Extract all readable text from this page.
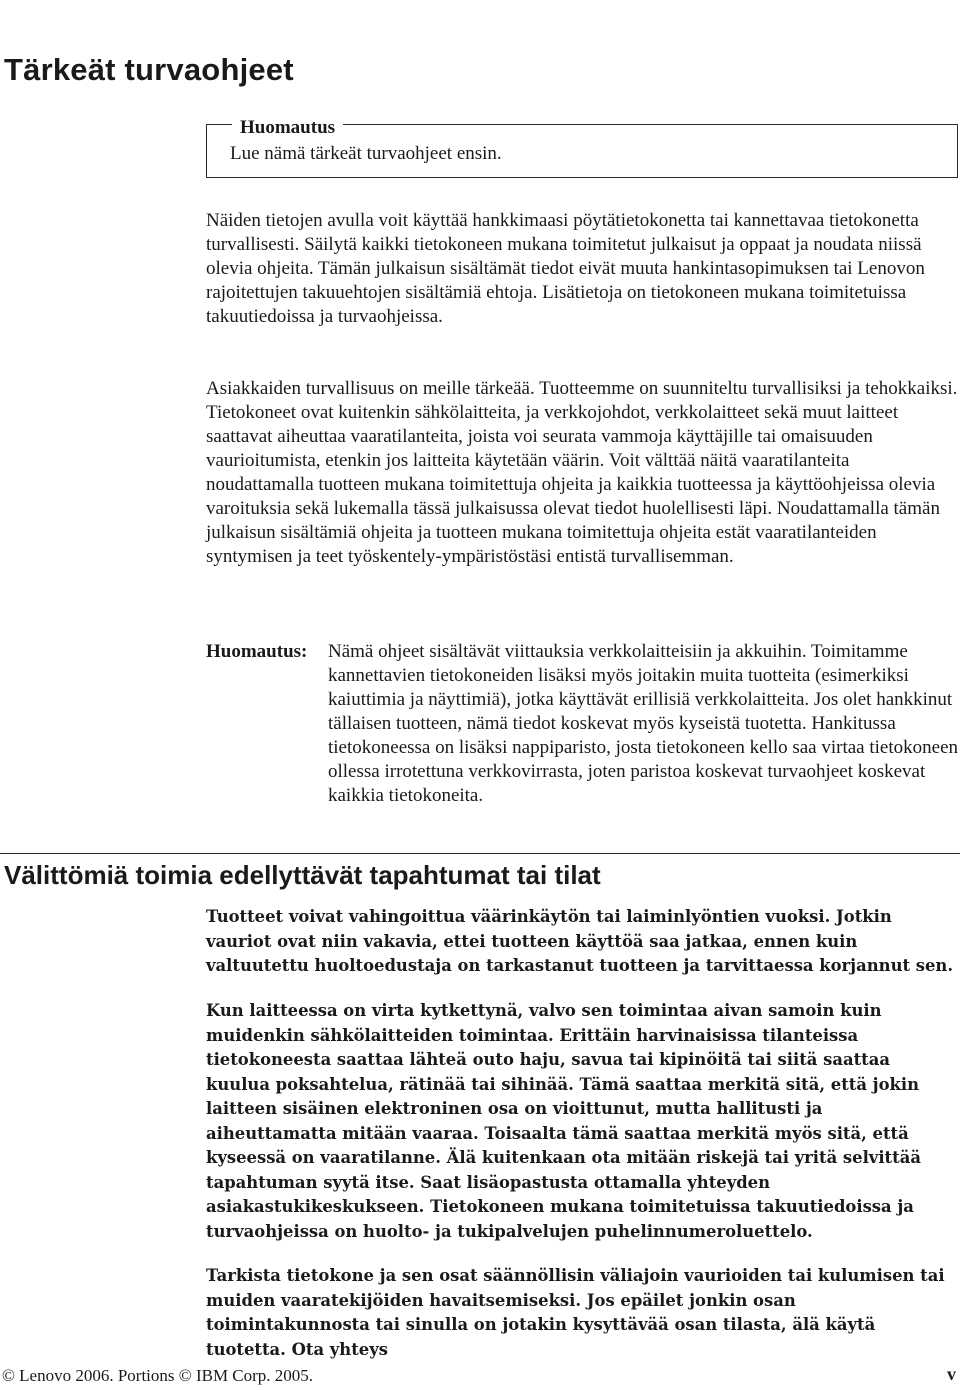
Tärkeät turvaohjeet
Huomautus
Lue nämä tärkeät turvaohjeet ensin.

Näiden tietojen avulla voit käyttää hankkimaasi pöytätietokonetta tai kannettavaa tietokonetta turvallisesti. Säilytä kaikki tietokoneen mukana toimitetut julkaisut ja oppaat ja noudata niissä olevia ohjeita. Tämän julkaisun sisältämät tiedot eivät muuta hankintasopimuksen tai Lenovon rajoitettujen takuuehtojen sisältämiä ehtoja. Lisätietoja on tietokoneen mukana toimitetuissa takuutiedoissa ja turvaohjeissa.

Asiakkaiden turvallisuus on meille tärkeää. Tuotteemme on suunniteltu turvallisiksi ja tehokkaiksi. Tietokoneet ovat kuitenkin sähkölaitteita, ja verkkojohdot, verkkolaitteet sekä muut laitteet saattavat aiheuttaa vaaratilanteita, joista voi seurata vammoja käyttäjille tai omaisuuden vaurioitumista, etenkin jos laitteita käytetään väärin. Voit välttää näitä vaaratilanteita noudattamalla tuotteen mukana toimitettuja ohjeita ja kaikkia tuotteessa ja käyttöohjeissa olevia varoituksia sekä lukemalla tässä julkaisussa olevat tiedot huolellisesti läpi. Noudattamalla tämän julkaisun sisältämiä ohjeita ja tuotteen mukana toimitettuja ohjeita estät vaaratilanteiden syntymisen ja teet työskentely-ympäristöstäsi entistä turvallisemman.

Huomautus: Nämä ohjeet sisältävät viittauksia verkkolaitteisiin ja akkuihin. Toimitamme kannettavien tietokoneiden lisäksi myös joitakin muita tuotteita (esimerkiksi kaiuttimia ja näyttimiä), jotka käyttävät erillisiä verkkolaitteita. Jos olet hankkinut tällaisen tuotteen, nämä tiedot koskevat myös kyseistä tuotetta. Hankitussa tietokoneessa on lisäksi nappiparisto, josta tietokoneen kello saa virtaa tietokoneen ollessa irrotettuna verkkovirrasta, joten paristoa koskevat turvaohjeet koskevat kaikkia tietokoneita.

Välittömiä toimia edellyttävät tapahtumat tai tilat

Tuotteet voivat vahingoittua väärinkäytön tai laiminlyöntien vuoksi. Jotkin vauriot ovat niin vakavia, ettei tuotteen käyttöä saa jatkaa, ennen kuin valtuutettu huoltoedustaja on tarkastanut tuotteen ja tarvittaessa korjannut sen.

Kun laitteessa on virta kytkettynä, valvo sen toimintaa aivan samoin kuin muidenkin sähkölaitteiden toimintaa. Erittäin harvinaisissa tilanteissa tietokoneesta saattaa lähteä outo haju, savua tai kipinöitä tai siitä saattaa kuulua poksahtelua, rätinää tai sihinää. Tämä saattaa merkitä sitä, että jokin laitteen sisäinen elektroninen osa on vioittunut, mutta hallitusti ja aiheuttamatta mitään vaaraa. Toisaalta tämä saattaa merkitä myös sitä, että kyseessä on vaaratilanne. Älä kuitenkaan ota mitään riskejä tai yritä selvittää tapahtuman syytä itse. Saat lisäopastusta ottamalla yhteyden asiakastukikeskukseen. Tietokoneen mukana toimitetuissa takuutiedoissa ja turvaohjeissa on huolto- ja tukipalvelujen puhelinnumeroluettelo.

Tarkista tietokone ja sen osat säännöllisin väliajoin vaurioiden tai kulumisen tai muiden vaaratekijöiden havaitsemiseksi. Jos epäilet jonkin osan toimintakunnosta tai sinulla on jotakin kysyttävää osan tilasta, älä käytä tuotetta. Ota yhteys

© Lenovo 2006. Portions © IBM Corp. 2005.	v
